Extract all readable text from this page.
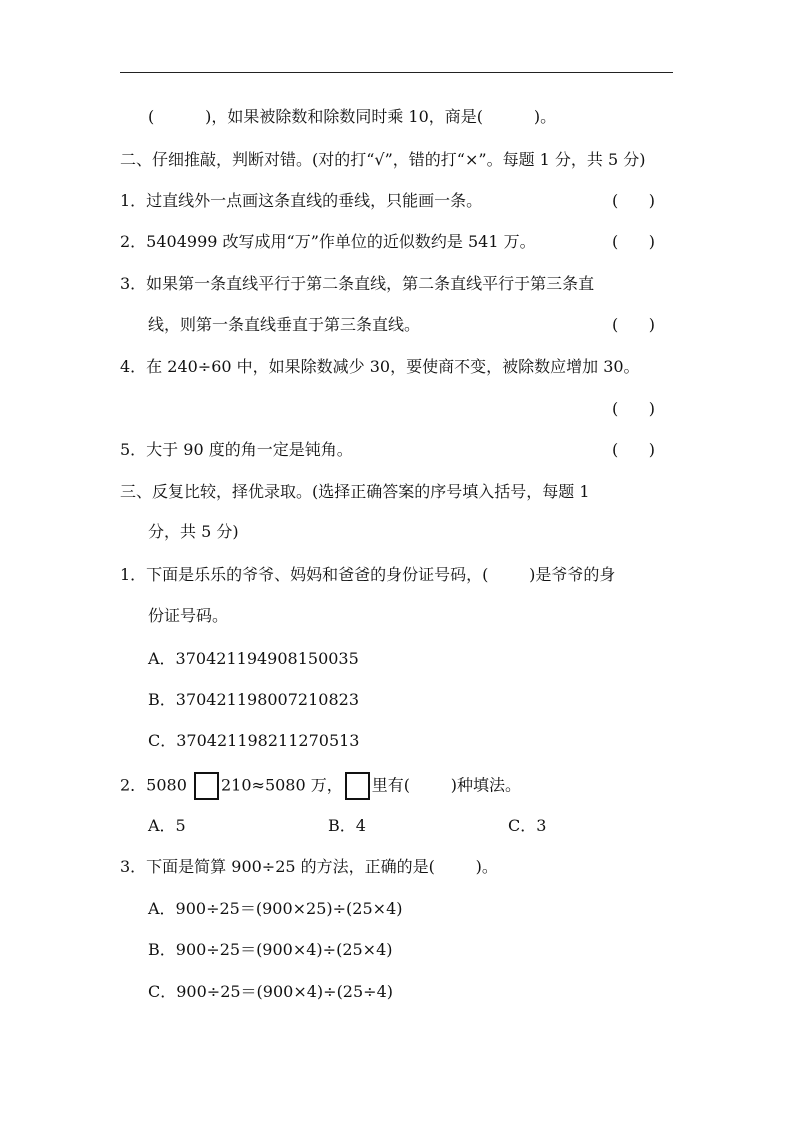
(          )，如果被除数和除数同时乘 10，商是(          )。
二、仔细推敲，判断对错。(对的打“√”，错的打“×”。每题 1 分，共 5 分)
1．过直线外一点画这条直线的垂线，只能画一条。	(      )
2．5404999 改写成用“万”作单位的近似数约是 541 万。	(      )
3．如果第一条直线平行于第二条直线，第二条直线平行于第三条直
线，则第一条直线垂直于第三条直线。	(      )
4．在 240÷60 中，如果除数减少 30，要使商不变，被除数应增加 30。
(      )
5．大于 90 度的角一定是钝角。	(      )
三、反复比较，择优录取。(选择正确答案的序号填入括号，每题 1
分，共 5 分)
1．下面是乐乐的爷爷、妈妈和爸爸的身份证号码，(        )是爷爷的身
份证号码。
A．370421194908150035
B．370421198007210823
C．370421198211270513
2．5080 210≈5080 万， 里有(        )种填法。
A．5	B．4	C．3
3．下面是简算 900÷25 的方法，正确的是(        )。
A．900÷25＝(900×25)÷(25×4)
B．900÷25＝(900×4)÷(25×4)
C．900÷25＝(900×4)÷(25÷4)
